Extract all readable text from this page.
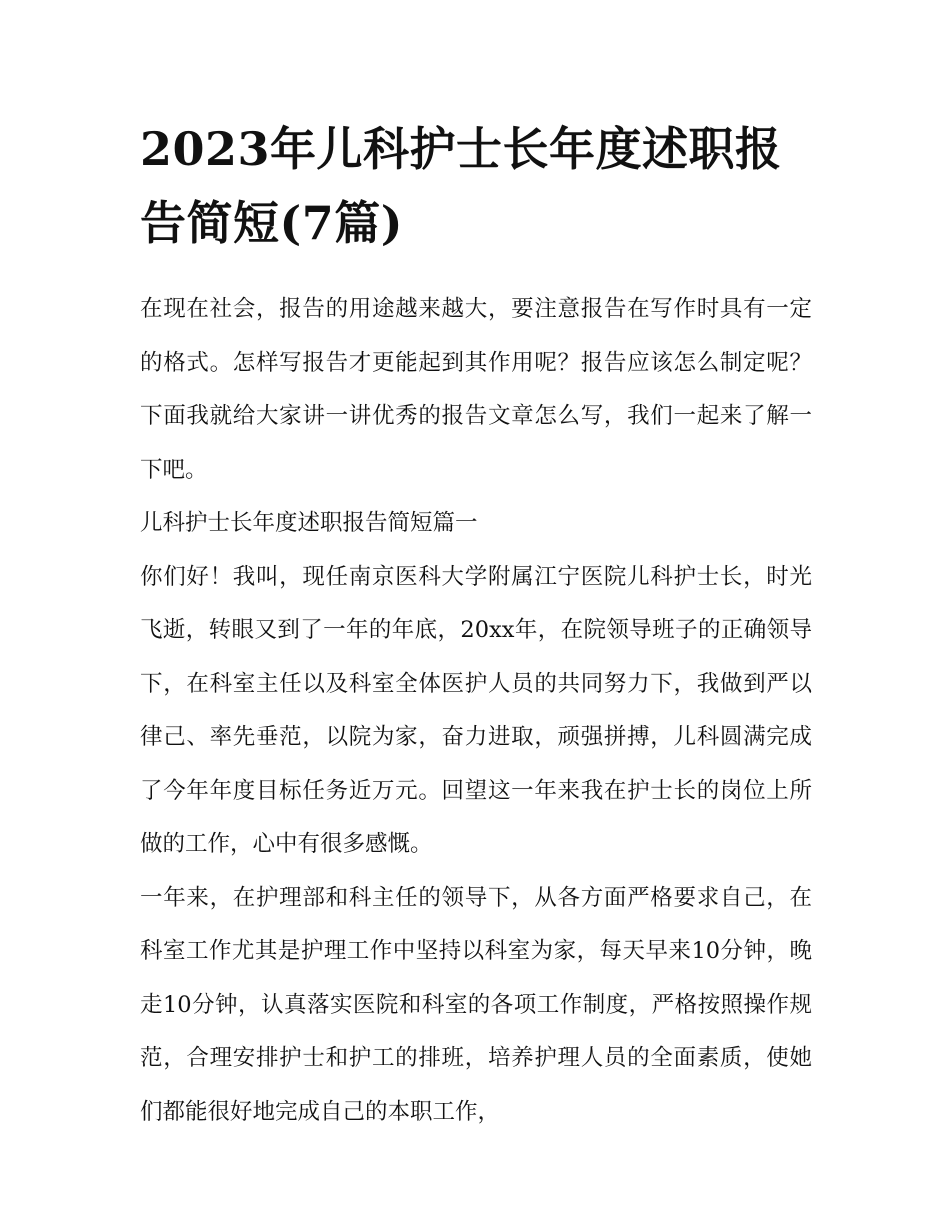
2023年儿科护士长年度述职报告简短(7篇)

在现在社会，报告的用途越来越大，要注意报告在写作时具有一定的格式。怎样写报告才更能起到其作用呢？报告应该怎么制定呢？下面我就给大家讲一讲优秀的报告文章怎么写，我们一起来了解一下吧。

儿科护士长年度述职报告简短篇一

你们好！我叫，现任南京医科大学附属江宁医院儿科护士长，时光飞逝，转眼又到了一年的年底，20xx年，在院领导班子的正确领导下，在科室主任以及科室全体医护人员的共同努力下，我做到严以律己、率先垂范，以院为家，奋力进取，顽强拼搏，儿科圆满完成了今年年度目标任务近万元。回望这一年来我在护士长的岗位上所做的工作，心中有很多感慨。

一年来，在护理部和科主任的领导下，从各方面严格要求自己，在科室工作尤其是护理工作中坚持以科室为家，每天早来10分钟，晚走10分钟，认真落实医院和科室的各项工作制度，严格按照操作规范，合理安排护士和护工的排班，培养护理人员的全面素质，使她们都能很好地完成自己的本职工作，
